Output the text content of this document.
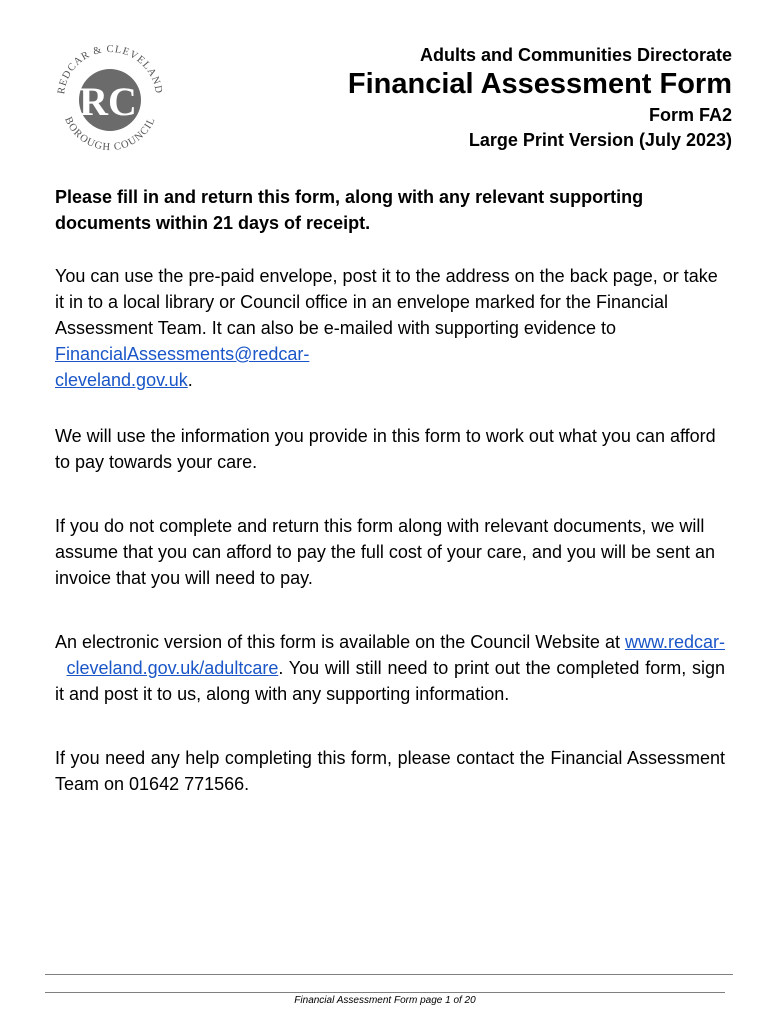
REDCAR & CLEVELAND
BOROUGH COUNCIL
RC
Adults and Communities Directorate
Financial Assessment Form
Form FA2
Large Print Version (July 2023)

Please fill in and return this form, along with any relevant supporting documents within 21 days of receipt.

You can use the pre-paid envelope, post it to the address on the back page, or take it in to a local library or Council office in an envelope marked for the Financial Assessment Team. It can also be e-mailed with supporting evidence to FinancialAssessments@redcar-
cleveland.gov.uk.

We will use the information you provide in this form to work out what you can afford to pay towards your care.

If you do not complete and return this form along with relevant documents, we will assume that you can afford to pay the full cost of your care, and you will be sent an invoice that you will need to pay.

An electronic version of this form is available on the Council Website at www.redcar-  cleveland.gov.uk/adultcare. You will still need to print out the completed form, sign it and post it to us, along with any supporting information.

If you need any help completing this form, please contact the Financial Assessment Team on 01642 771566.

Financial Assessment Form page 1 of 20
